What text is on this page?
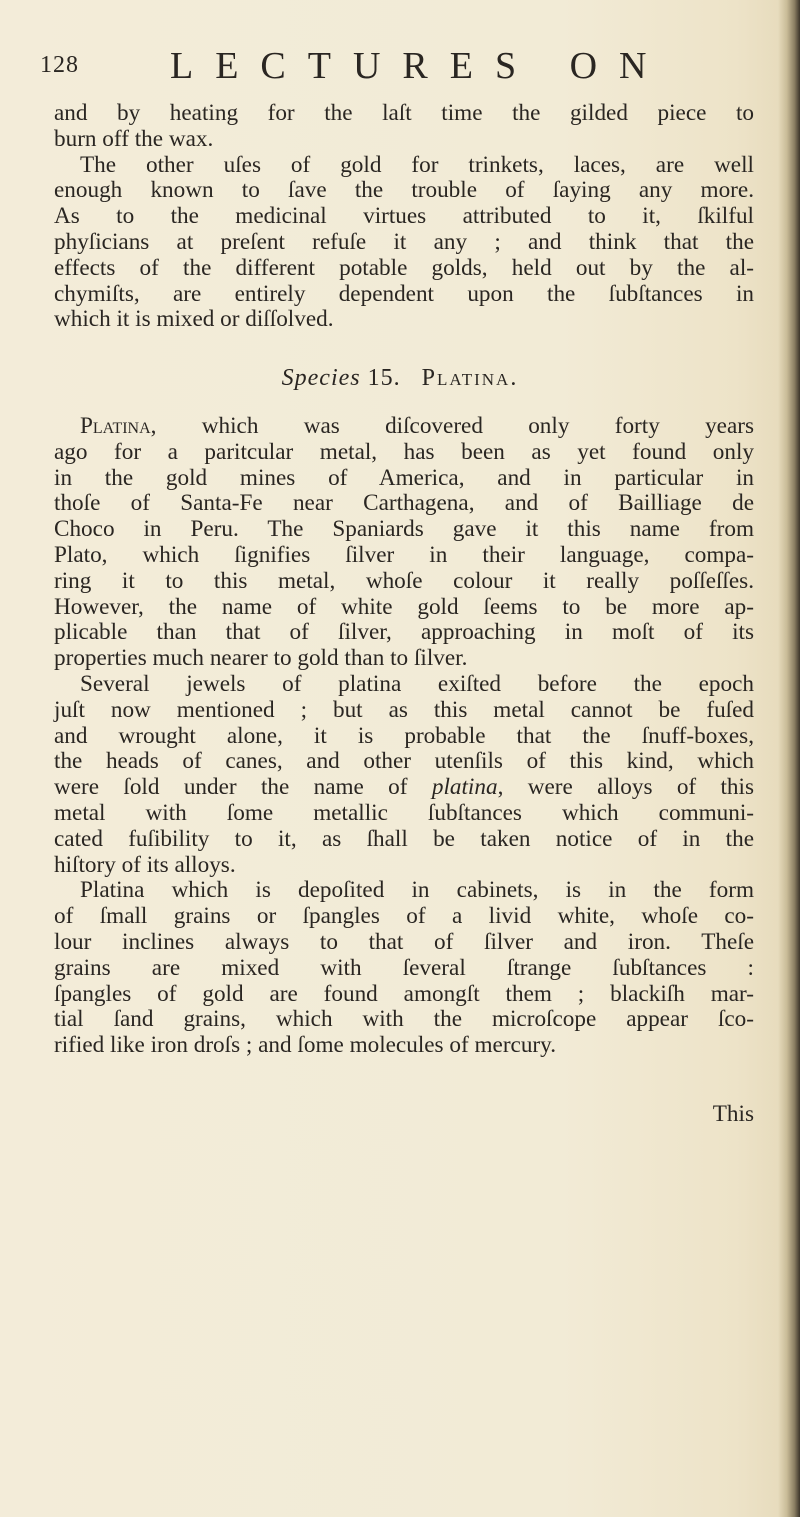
128 LECTURES ON
and by heating for the laſt time the gilded piece to
burn off the wax.
The other uſes of gold for trinkets, laces, are well
enough known to ſave the trouble of ſaying any more.
As to the medicinal virtues attributed to it, ſkilful
phyſicians at preſent refuſe it any ; and think that the
effects of the different potable golds, held out by the al-
chymiſts, are entirely dependent upon the ſubſtances in
which it is mixed or diſſolved.
Species 15. Platina.
Platina, which was diſcovered only forty years
ago for a paritcular metal, has been as yet found only
in the gold mines of America, and in particular in
thoſe of Santa-Fe near Carthagena, and of Bailliage de
Choco in Peru. The Spaniards gave it this name from
Plato, which ſignifies ſilver in their language, compa-
ring it to this metal, whoſe colour it really poſſeſſes.
However, the name of white gold ſeems to be more ap-
plicable than that of ſilver, approaching in moſt of its
properties much nearer to gold than to ſilver.
Several jewels of platina exiſted before the epoch
juſt now mentioned ; but as this metal cannot be fuſed
and wrought alone, it is probable that the ſnuff-boxes,
the heads of canes, and other utenſils of this kind, which
were ſold under the name of platina, were alloys of this
metal with ſome metallic ſubſtances which communi-
cated fuſibility to it, as ſhall be taken notice of in the
hiſtory of its alloys.
Platina which is depoſited in cabinets, is in the form
of ſmall grains or ſpangles of a livid white, whoſe co-
lour inclines always to that of ſilver and iron. Theſe
grains are mixed with ſeveral ſtrange ſubſtances :
ſpangles of gold are found amongſt them ; blackiſh mar-
tial ſand grains, which with the microſcope appear ſco-
rified like iron droſs ; and ſome molecules of mercury.
This
